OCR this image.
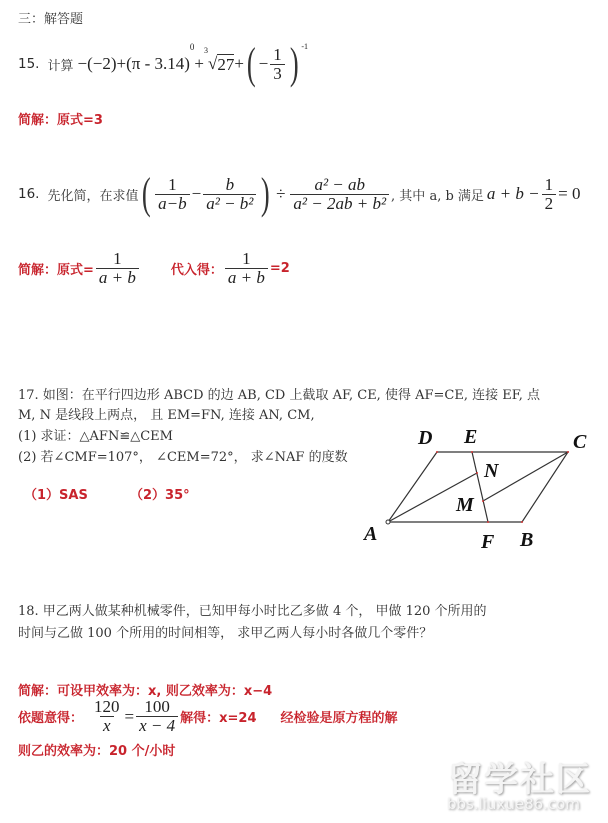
三：解答题
15. 计算 −(−2)+ (π - 3.14)
0
+
$^3$
√ 27 + ( − $\frac{1}{3}$ ) $^{-1}$
简解：原式=3
16. 先化简，在求值 ( $\frac{1}{a-b} - \frac{b}{\text{a² − b²}}$ ) ÷ $\frac{\text{a² − ab}}{\text{a² − 2ab + b²}}$ , 其中 a, b 满足 $a + b - \frac{1}{2} = 0$
简解：原式= $\frac{1}{a + b}$ 代入得： $\frac{1}{a + b} =2$
17. 如图：在平行四边形 ABCD 的边 AB, CD 上截取 AF, CE, 使得 AF=CE, 连接 EF, 点
M, N 是线段上两点， 且 EM=FN, 连接 AN, CM,
(1) 求证：△AFN≌△CEM
(2) 若∠CMF=107°， ∠CEM=72°， 求∠NAF 的度数
（1）SAS	（2）35°
D E	C
N
M
A	F B
18. 甲乙两人做某种机械零件，已知甲每小时比乙多做 4 个， 甲做 120 个所用的
时间与乙做 100 个所用的时间相等， 求甲乙两人每小时各做几个零件？
简解：可设甲效率为：x, 则乙效率为：x−4
依题意得： $\frac{120}{x} = \frac{100}{x - 4}$ 解得：x=24 经检验是原方程的解
则乙的效率为：20 个/小时
留学社区
bbs.liuxue86.com
